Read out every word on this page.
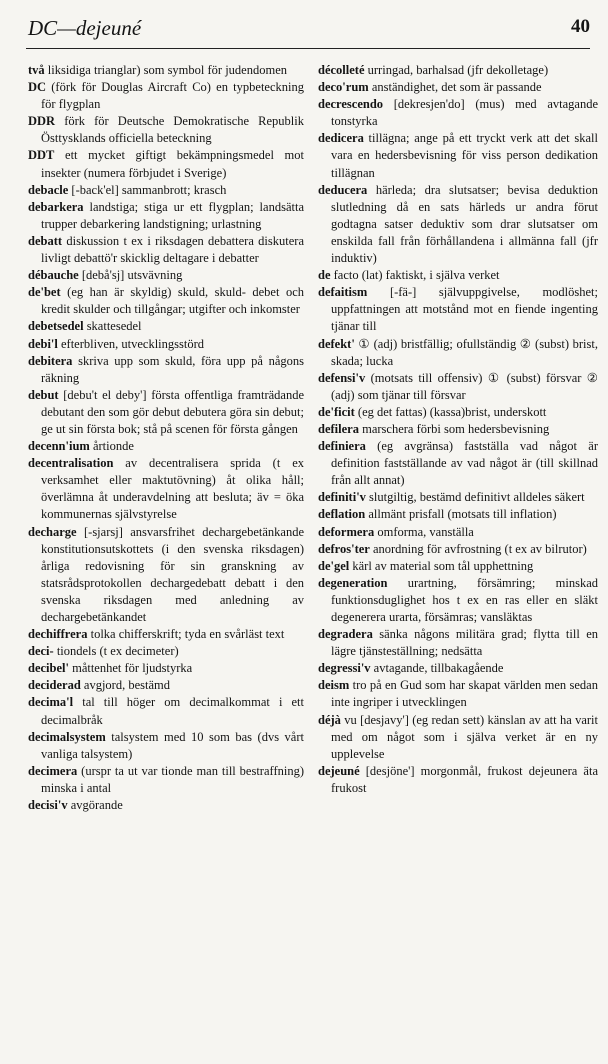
DC—dejeuné	40
två liksidiga trianglar) som symbol för judendomen
DC (förk för Douglas Aircraft Co) en typbeteckning för flygplan
DDR förk för Deutsche Demokratische Republik Östtysklands officiella beteckning
DDT ett mycket giftigt bekämpningsmedel mot insekter (numera förbjudet i Sverige)
debacle [-back'el] sammanbrott; krasch
debarkera landstiga; stiga ur ett flygplan; landsätta trupper debarkering landstigning; urlastning
debatt diskussion t ex i riksdagen debattera diskutera livligt debattö'r skicklig deltagare i debatter
débauche [debå'sj] utsvävning
de'bet (eg han är skyldig) skuld, skuld- debet och kredit skulder och tillgångar; utgifter och inkomster
debetsedel skattesedel
debi'l efterbliven, utvecklingsstörd
debitera skriva upp som skuld, föra upp på någons räkning
debut [debu't el deby'] första offentliga framträdande debutant den som gör debut debutera göra sin debut; ge ut sin första bok; stå på scenen för första gången
decenn'ium årtionde
decentralisation av decentralisera sprida (t ex verksamhet eller maktutövning) åt olika håll; överlämna åt underavdelning att besluta; äv = öka kommunernas självstyrelse
decharge [-sjarsj] ansvarsfrihet dechargebetänkande konstitutionsutskottets (i den svenska riksdagen) årliga redovisning för sin granskning av statsrådsprotokollen dechargedebatt debatt i den svenska riksdagen med anledning av dechargebetänkandet
dechiffrera tolka chifferskrift; tyda en svårläst text
deci- tiondels (t ex decimeter)
decibel' måttenhet för ljudstyrka
deciderad avgjord, bestämd
decima'l tal till höger om decimalkommat i ett decimalbråk
decimalsystem talsystem med 10 som bas (dvs vårt vanliga talsystem)
decimera (urspr ta ut var tionde man till bestraffning) minska i antal
decisi'v avgörande
décolleté urringad, barhalsad (jfr dekolletage)
deco'rum anständighet, det som är passande
decrescendo [dekresjen'do] (mus) med avtagande tonstyrka
dedicera tillägna; ange på ett tryckt verk att det skall vara en hedersbevisning för viss person dedikation tillägnan
deducera härleda; dra slutsatser; bevisa deduktion slutledning då en sats härleds ur andra förut godtagna satser deduktiv som drar slutsatser om enskilda fall från förhållandena i allmänna fall (jfr induktiv)
de facto (lat) faktiskt, i själva verket
defaitism [-fä-] självuppgivelse, modlöshet; uppfattningen att motstånd mot en fiende ingenting tjänar till
defekt' ① (adj) bristfällig; ofullständig ② (subst) brist, skada; lucka
defensi'v (motsats till offensiv) ① (subst) försvar ② (adj) som tjänar till försvar
de'ficit (eg det fattas) (kassa)brist, underskott
defilera marschera förbi som hedersbevisning
definiera (eg avgränsa) fastställa vad något är definition fastställande av vad något är (till skillnad från allt annat)
definiti'v slutgiltig, bestämd definitivt alldeles säkert
deflation allmänt prisfall (motsats till inflation)
deformera omforma, vanställa
defros'ter anordning för avfrostning (t ex av bilrutor)
de'gel kärl av material som tål upphettning
degeneration urartning, försämring; minskad funktionsduglighet hos t ex en ras eller en släkt degenerera urarta, försämras; vansläktas
degradera sänka någons militära grad; flytta till en lägre tjänsteställning; nedsätta
degressi'v avtagande, tillbakagående
deism tro på en Gud som har skapat världen men sedan inte ingriper i utvecklingen
déjà vu [desjavy'] (eg redan sett) känslan av att ha varit med om något som i själva verket är en ny upplevelse
dejeuné [desjöne'] morgonmål, frukost dejeunera äta frukost
